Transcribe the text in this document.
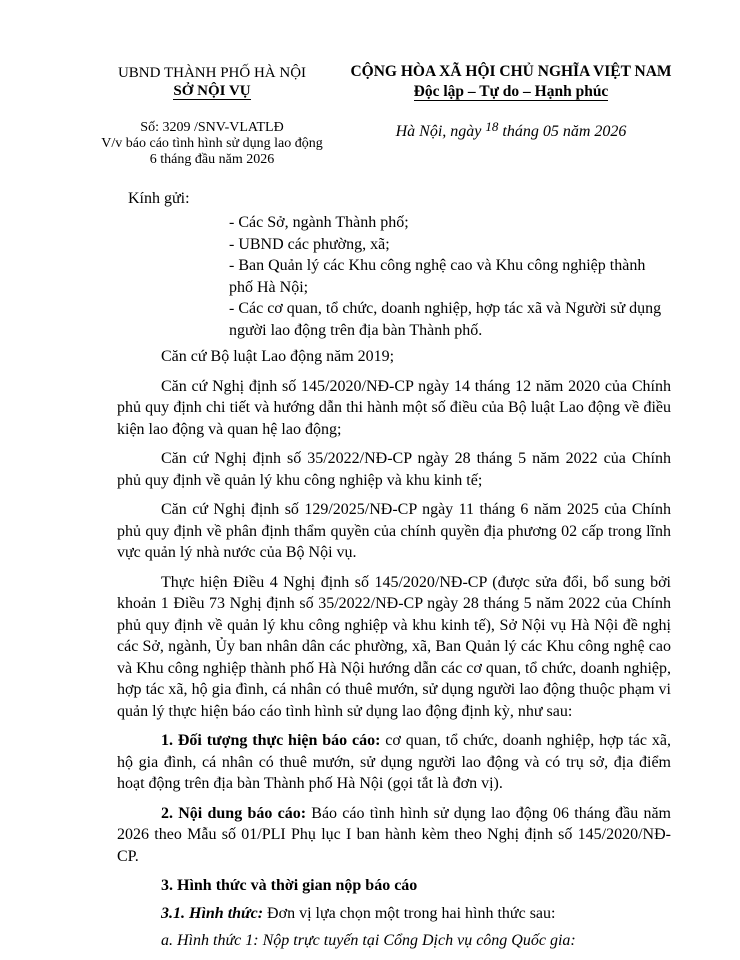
UBND THÀNH PHỐ HÀ NỘI
SỞ NỘI VỤ
CỘNG HÒA XÃ HỘI CHỦ NGHĨA VIỆT NAM
Độc lập – Tự do – Hạnh phúc
Số: 3209 /SNV-VLATLĐ
V/v báo cáo tình hình sử dụng lao động
6 tháng đầu năm 2026
Hà Nội, ngày $^{18}$ tháng 05 năm 2026
Kính gửi:
- Các Sở, ngành Thành phố;
- UBND các phường, xã;
- Ban Quản lý các Khu công nghệ cao và Khu công nghiệp thành phố Hà Nội;
- Các cơ quan, tổ chức, doanh nghiệp, hợp tác xã và Người sử dụng người lao động trên địa bàn Thành phố.

Căn cứ Bộ luật Lao động năm 2019;

Căn cứ Nghị định số 145/2020/NĐ-CP ngày 14 tháng 12 năm 2020 của Chính phủ quy định chi tiết và hướng dẫn thi hành một số điều của Bộ luật Lao động về điều kiện lao động và quan hệ lao động;

Căn cứ Nghị định số 35/2022/NĐ-CP ngày 28 tháng 5 năm 2022 của Chính phủ quy định về quản lý khu công nghiệp và khu kinh tế;

Căn cứ Nghị định số 129/2025/NĐ-CP ngày 11 tháng 6 năm 2025 của Chính phủ quy định về phân định thẩm quyền của chính quyền địa phương 02 cấp trong lĩnh vực quản lý nhà nước của Bộ Nội vụ.

Thực hiện Điều 4 Nghị định số 145/2020/NĐ-CP (được sửa đổi, bổ sung bởi khoản 1 Điều 73 Nghị định số 35/2022/NĐ-CP ngày 28 tháng 5 năm 2022 của Chính phủ quy định về quản lý khu công nghiệp và khu kinh tế), Sở Nội vụ Hà Nội đề nghị các Sở, ngành, Ủy ban nhân dân các phường, xã, Ban Quản lý các Khu công nghệ cao và Khu công nghiệp thành phố Hà Nội hướng dẫn các cơ quan, tổ chức, doanh nghiệp, hợp tác xã, hộ gia đình, cá nhân có thuê mướn, sử dụng người lao động thuộc phạm vi quản lý thực hiện báo cáo tình hình sử dụng lao động định kỳ, như sau:

1. Đối tượng thực hiện báo cáo: cơ quan, tổ chức, doanh nghiệp, hợp tác xã, hộ gia đình, cá nhân có thuê mướn, sử dụng người lao động và có trụ sở, địa điểm hoạt động trên địa bàn Thành phố Hà Nội (gọi tắt là đơn vị).

2. Nội dung báo cáo: Báo cáo tình hình sử dụng lao động 06 tháng đầu năm 2026 theo Mẫu số 01/PLI Phụ lục I ban hành kèm theo Nghị định số 145/2020/NĐ-CP.

3. Hình thức và thời gian nộp báo cáo

3.1. Hình thức: Đơn vị lựa chọn một trong hai hình thức sau:

a. Hình thức 1: Nộp trực tuyến tại Cổng Dịch vụ công Quốc gia:
